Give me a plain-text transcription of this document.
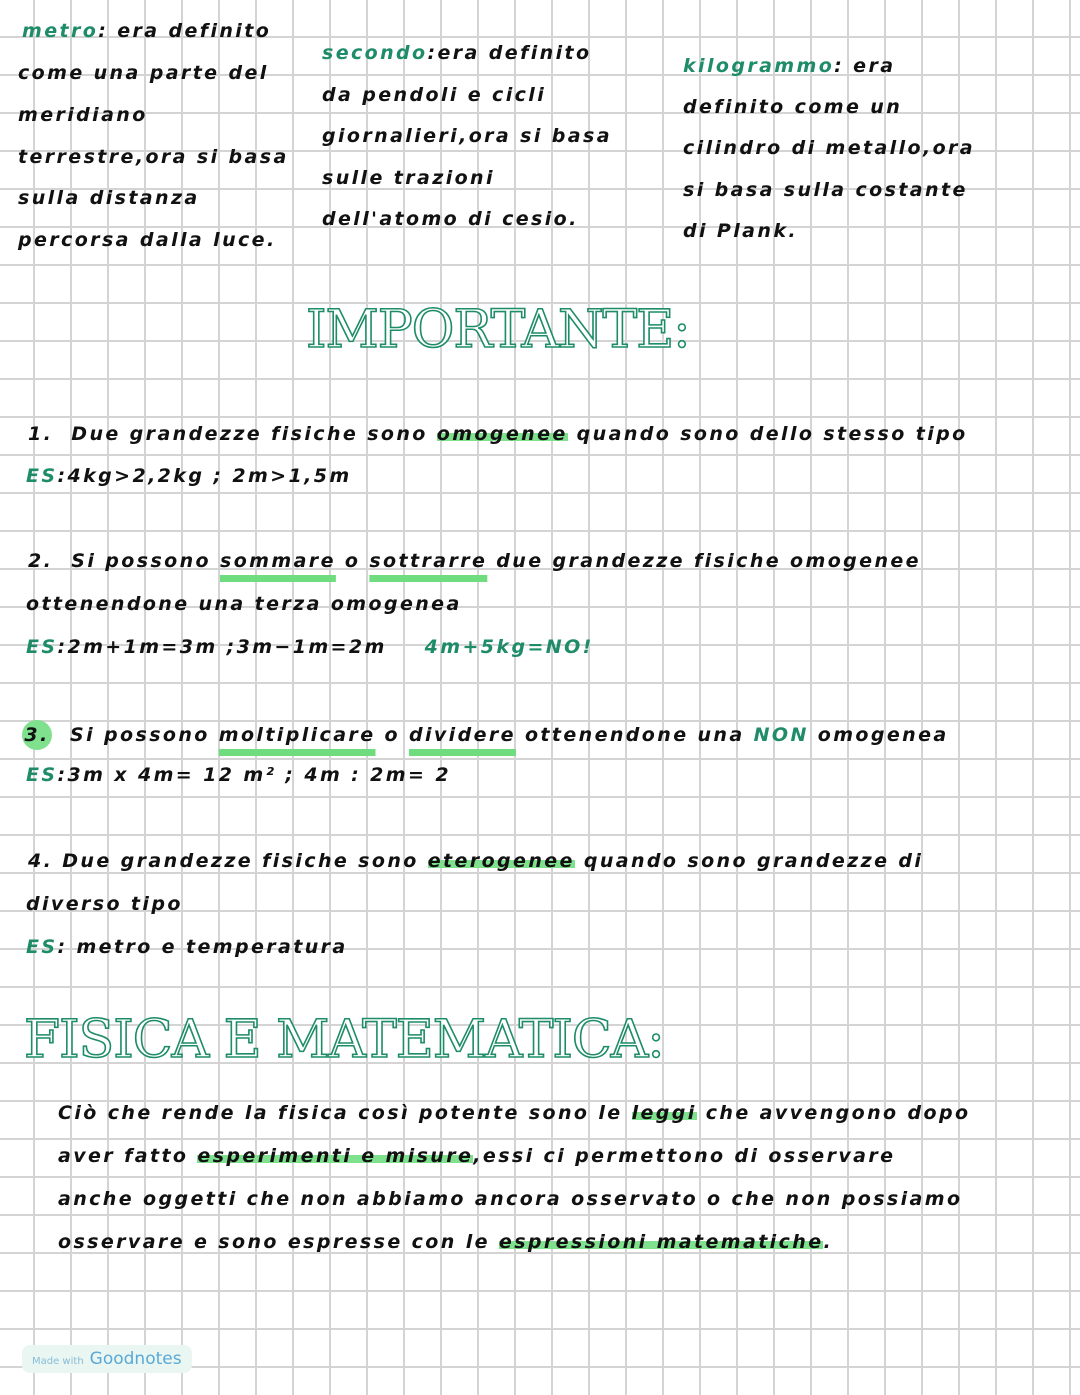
metro: era definito
come una parte del
meridiano
terrestre,ora si basa
sulla distanza
percorsa dalla luce.
secondo:era definito
da pendoli e cicli
giornalieri,ora si basa
sulle trazioni
dell'atomo di cesio.
kilogrammo: era
definito come un
cilindro di metallo,ora
si basa sulla costante
di Plank.
IMPORTANTE:
1. Due grandezze fisiche sono omogenee quando sono dello stesso tipo
ES:4kg>2,2kg ; 2m>1,5m
2. Si possono sommare o sottrarre due grandezze fisiche omogenee
ottenendone una terza omogenea
ES:2m+1m=3m ;3m−1m=2m 4m+5kg=NO!
3. Si possono moltiplicare o dividere ottenendone una NON omogenea
ES:3m x 4m= 12 m² ; 4m : 2m= 2
4. Due grandezze fisiche sono eterogenee quando sono grandezze di
diverso tipo
ES: metro e temperatura
FISICA E MATEMATICA:
Ciò che rende la fisica così potente sono le leggi che avvengono dopo
aver fatto esperimenti e misure,essi ci permettono di osservare
anche oggetti che non abbiamo ancora osservato o che non possiamo
osservare e sono espresse con le espressioni matematiche.
Made with Goodnotes
